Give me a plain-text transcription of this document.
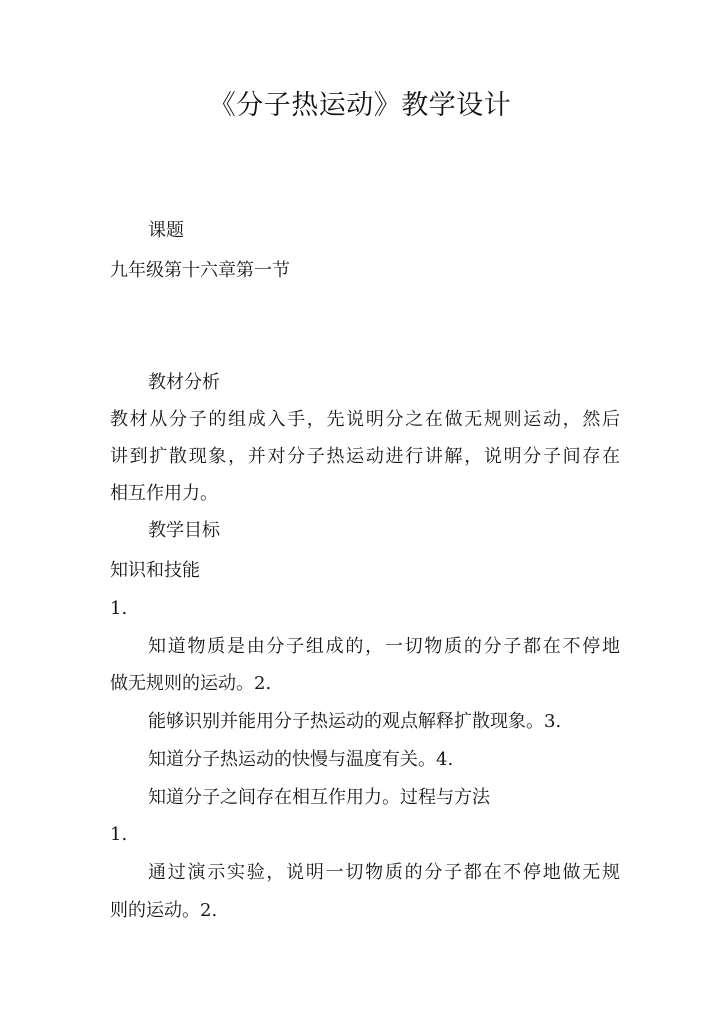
《分子热运动》教学设计
课题
九年级第十六章第一节
教材分析
教材从分子的组成入手，先说明分之在做无规则运动，然后
讲到扩散现象，并对分子热运动进行讲解，说明分子间存在
相互作用力。
教学目标
知识和技能
1.
知道物质是由分子组成的，一切物质的分子都在不停地
做无规则的运动。2.
能够识别并能用分子热运动的观点解释扩散现象。3.
知道分子热运动的快慢与温度有关。4.
知道分子之间存在相互作用力。过程与方法
1.
通过演示实验，说明一切物质的分子都在不停地做无规
则的运动。2.
